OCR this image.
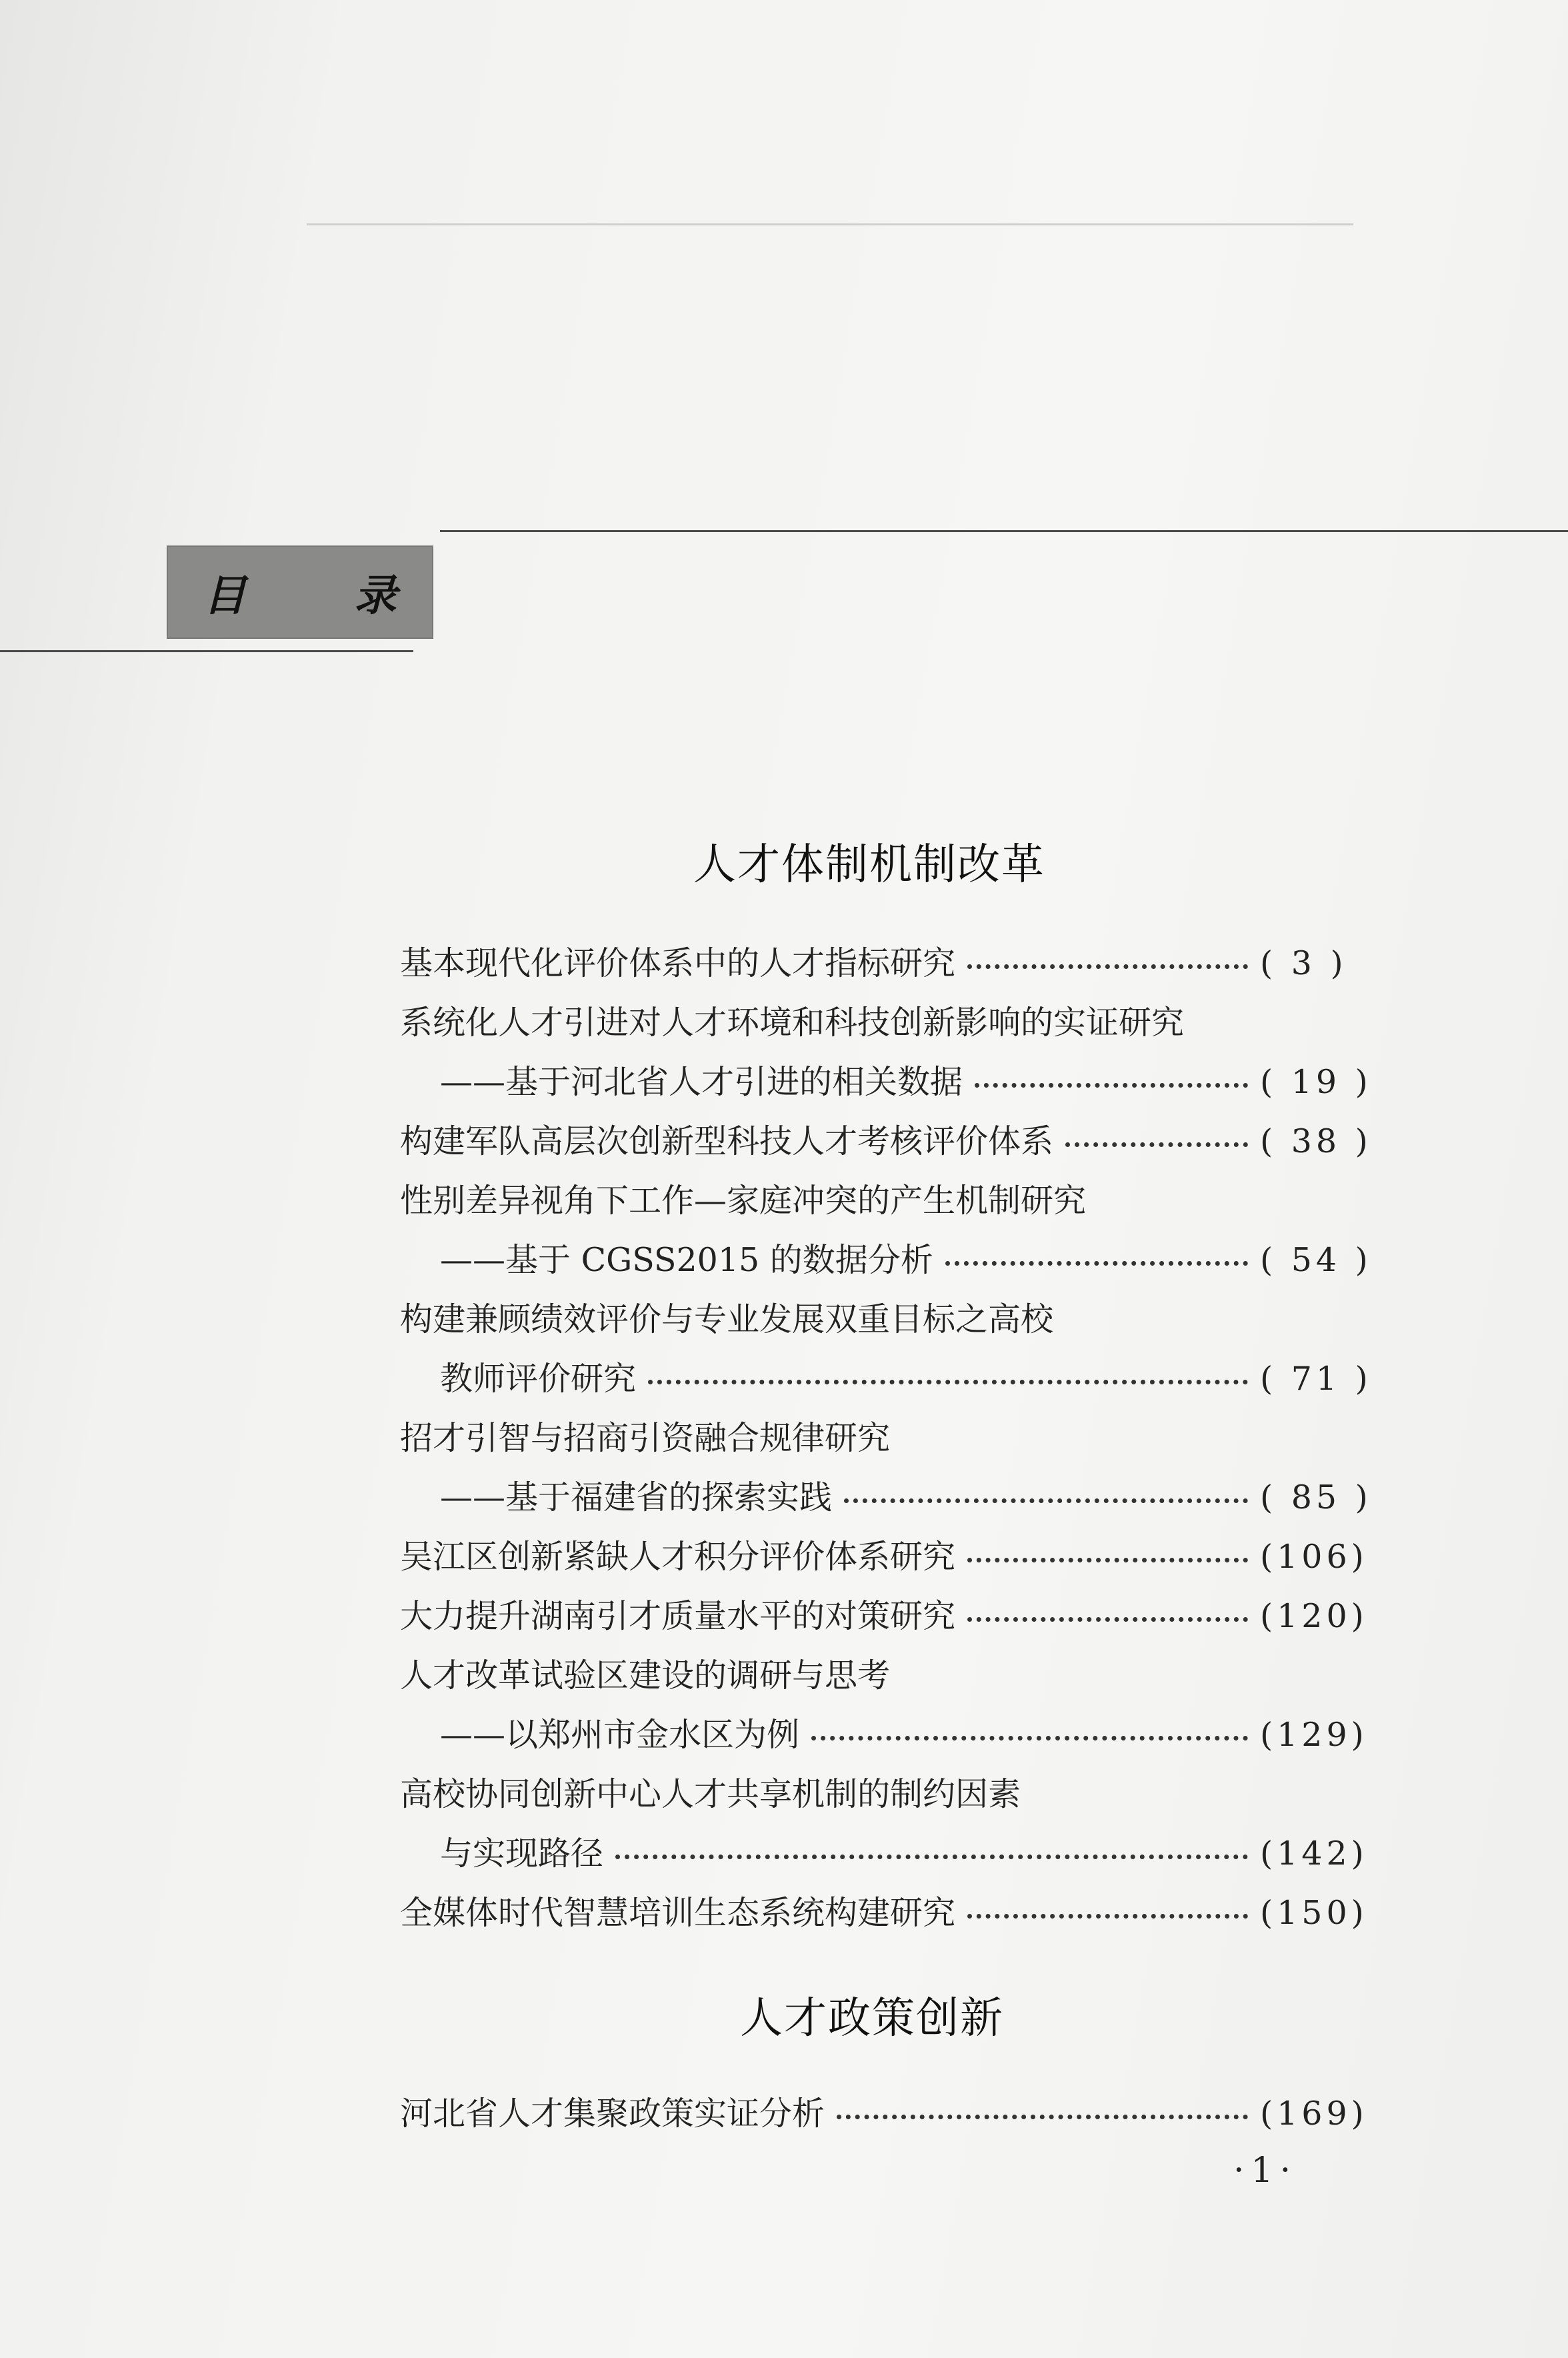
目	录
人才体制机制改革
基本现代化评价体系中的人才指标研究	( 3 )
系统化人才引进对人才环境和科技创新影响的实证研究
——基于河北省人才引进的相关数据	( 19 )
构建军队高层次创新型科技人才考核评价体系	( 38 )
性别差异视角下工作—家庭冲突的产生机制研究
——基于 CGSS2015 的数据分析	( 54 )
构建兼顾绩效评价与专业发展双重目标之高校
教师评价研究	( 71 )
招才引智与招商引资融合规律研究
——基于福建省的探索实践	( 85 )
吴江区创新紧缺人才积分评价体系研究	(106)
大力提升湖南引才质量水平的对策研究	(120)
人才改革试验区建设的调研与思考
——以郑州市金水区为例	(129)
高校协同创新中心人才共享机制的制约因素
与实现路径	(142)
全媒体时代智慧培训生态系统构建研究	(150)
人才政策创新
河北省人才集聚政策实证分析	(169)
·1·
